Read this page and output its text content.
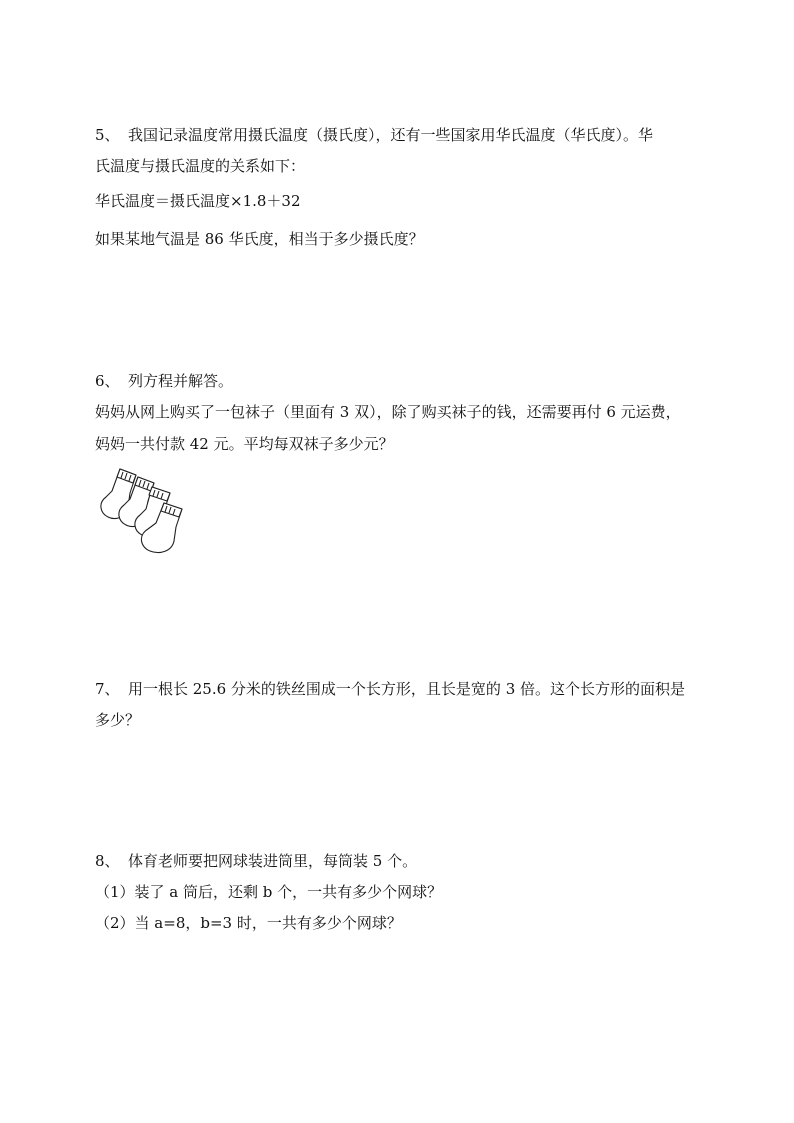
5、 我国记录温度常用摄氏温度（摄氏度），还有一些国家用华氏温度（华氏度）。华
氏温度与摄氏温度的关系如下：
华氏温度＝摄氏温度×1.8＋32
如果某地气温是 86 华氏度，相当于多少摄氏度？
6、 列方程并解答。
妈妈从网上购买了一包袜子（里面有 3 双），除了购买袜子的钱，还需要再付 6 元运费，
妈妈一共付款 42 元。平均每双袜子多少元？
7、 用一根长 25.6 分米的铁丝围成一个长方形，且长是宽的 3 倍。这个长方形的面积是
多少？
8、 体育老师要把网球装进筒里，每筒装 5 个。
（1）装了 a 筒后，还剩 b 个，一共有多少个网球？
（2）当 a=8，b=3 时，一共有多少个网球？
